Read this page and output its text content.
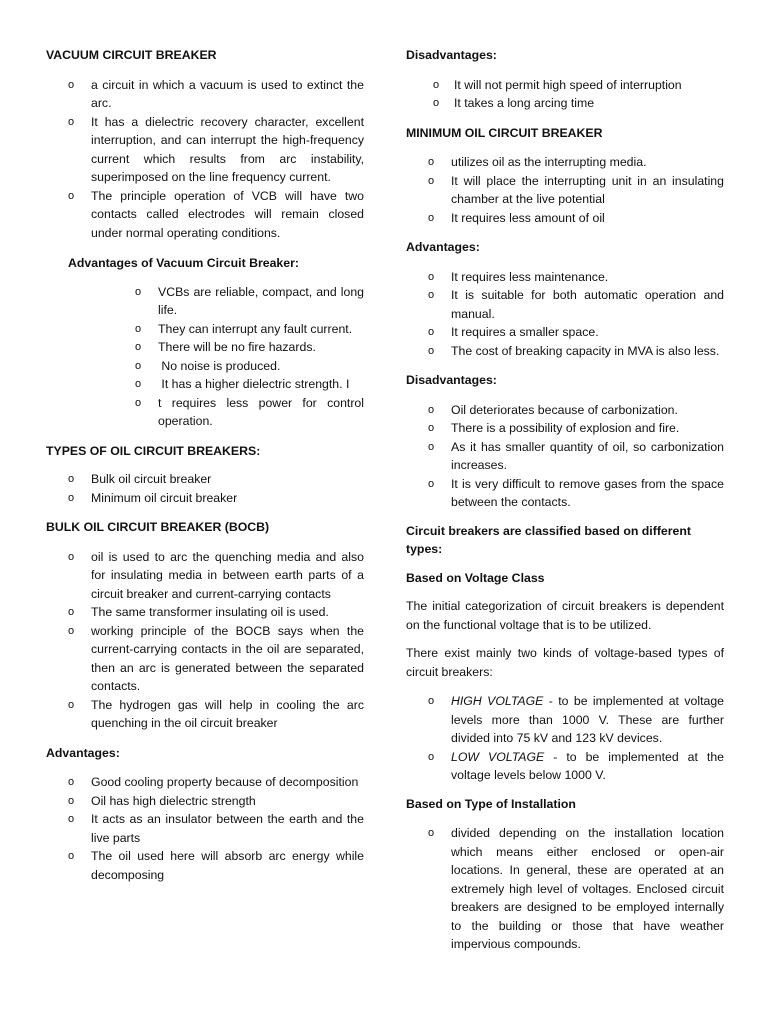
VACUUM CIRCUIT BREAKER

o a circuit in which a vacuum is used to extinct the arc.
o It has a dielectric recovery character, excellent interruption, and can interrupt the high-frequency current which results from arc instability, superimposed on the line frequency current.
o The principle operation of VCB will have two contacts called electrodes will remain closed under normal operating conditions.

Advantages of Vacuum Circuit Breaker:

o VCBs are reliable, compact, and long life.
o They can interrupt any fault current.
o There will be no fire hazards.
o No noise is produced.
o It has a higher dielectric strength. I
o t requires less power for control operation.

TYPES OF OIL CIRCUIT BREAKERS:

o Bulk oil circuit breaker
o Minimum oil circuit breaker

BULK OIL CIRCUIT BREAKER (BOCB)

o oil is used to arc the quenching media and also for insulating media in between earth parts of a circuit breaker and current-carrying contacts
o The same transformer insulating oil is used.
o working principle of the BOCB says when the current-carrying contacts in the oil are separated, then an arc is generated between the separated contacts.
o The hydrogen gas will help in cooling the arc quenching in the oil circuit breaker

Advantages:

o Good cooling property because of decomposition
o Oil has high dielectric strength
o It acts as an insulator between the earth and the live parts
o The oil used here will absorb arc energy while decomposing

Disadvantages:

o It will not permit high speed of interruption
o It takes a long arcing time

MINIMUM OIL CIRCUIT BREAKER

o utilizes oil as the interrupting media.
o It will place the interrupting unit in an insulating chamber at the live potential
o It requires less amount of oil

Advantages:

o It requires less maintenance.
o It is suitable for both automatic operation and manual.
o It requires a smaller space.
o The cost of breaking capacity in MVA is also less.

Disadvantages:

o Oil deteriorates because of carbonization.
o There is a possibility of explosion and fire.
o As it has smaller quantity of oil, so carbonization increases.
o It is very difficult to remove gases from the space between the contacts.

Circuit breakers are classified based on different types:

Based on Voltage Class

The initial categorization of circuit breakers is dependent on the functional voltage that is to be utilized.

There exist mainly two kinds of voltage-based types of circuit breakers:

o HIGH VOLTAGE - to be implemented at voltage levels more than 1000 V. These are further divided into 75 kV and 123 kV devices.
o LOW VOLTAGE - to be implemented at the voltage levels below 1000 V.

Based on Type of Installation

o divided depending on the installation location which means either enclosed or open-air locations. In general, these are operated at an extremely high level of voltages. Enclosed circuit breakers are designed to be employed internally to the building or those that have weather impervious compounds.
